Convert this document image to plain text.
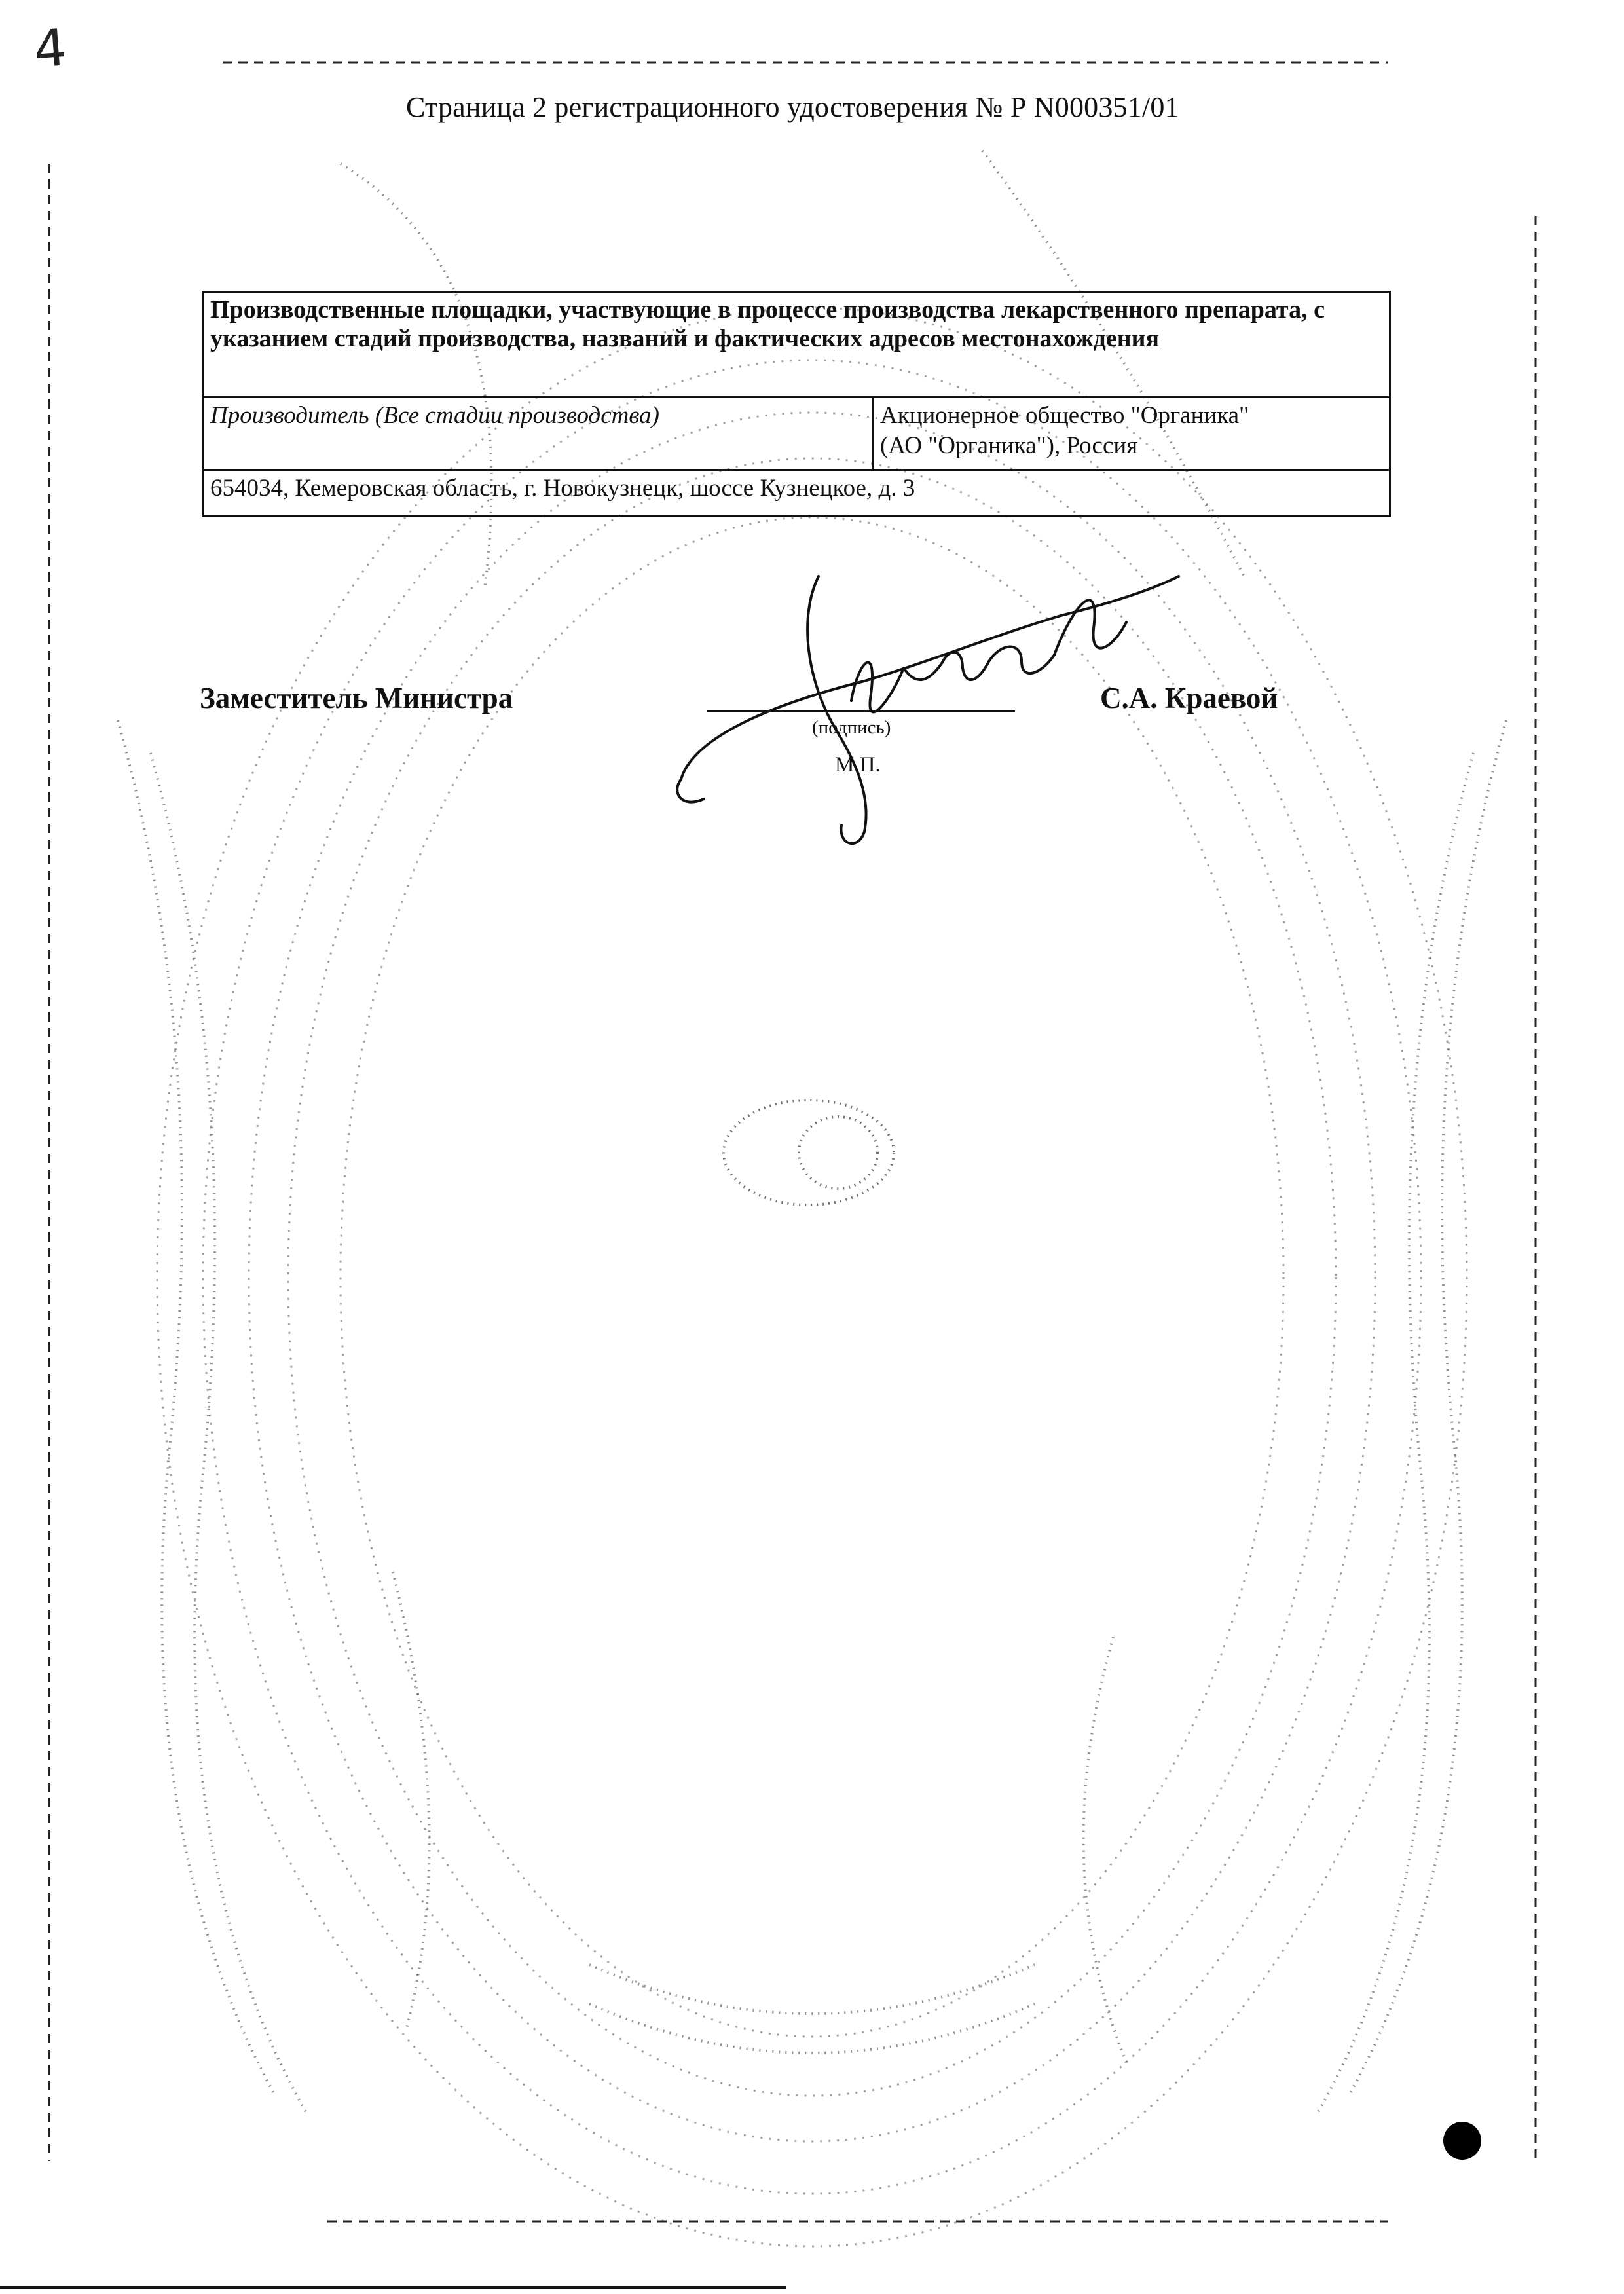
4
Страница 2 регистрационного удостоверения № Р N000351/01
Производственные площадки, участвующие в процессе производства лекарственного препарата, с указанием стадий производства, названий и фактических адресов местонахождения
Производитель (Все стадии производства)	Акционерное общество "Органика"
(АО "Органика"), Россия

654034, Кемеровская область, г. Новокузнецк, шоссе Кузнецкое, д. 3
Заместитель Министра
(подпись)
М.П.
С.А. Краевой
